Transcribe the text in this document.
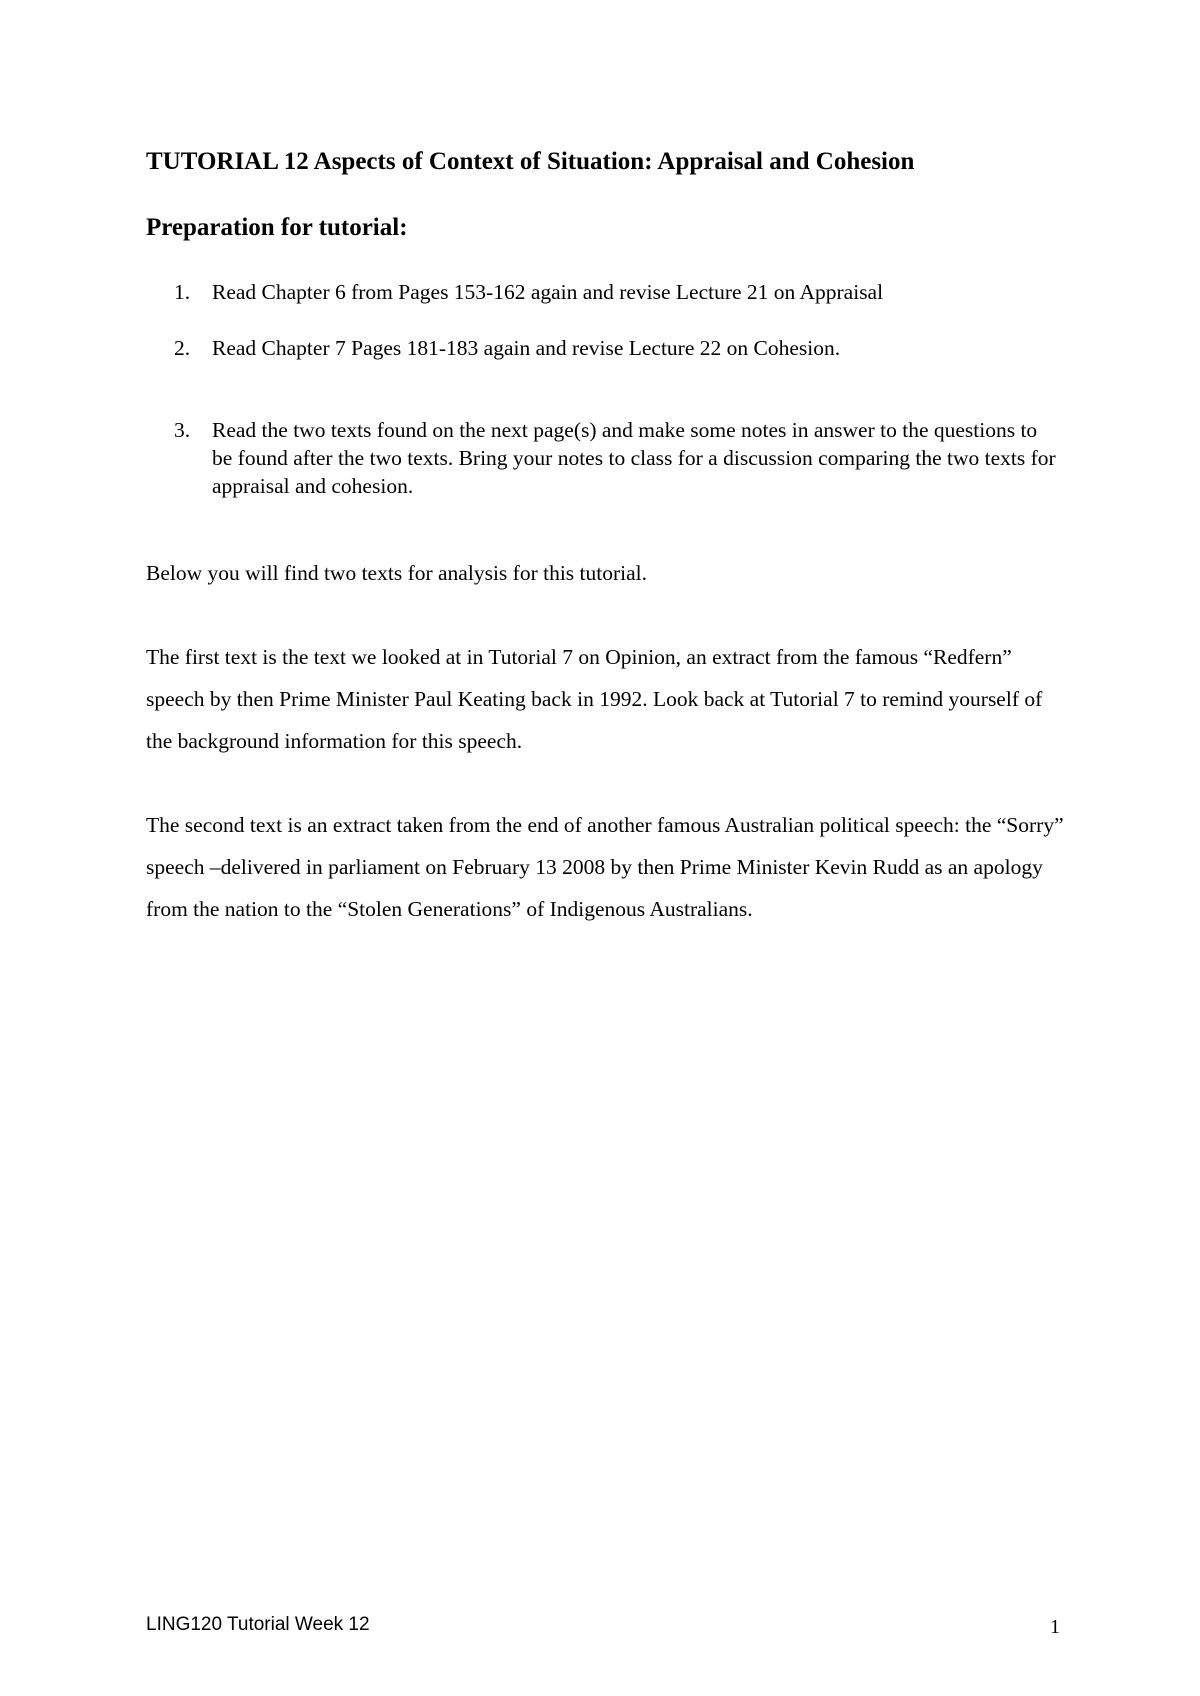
TUTORIAL 12 Aspects of Context of Situation: Appraisal and Cohesion
Preparation for tutorial:
1. Read Chapter 6 from Pages 153-162 again and revise Lecture 21 on Appraisal
2. Read Chapter 7 Pages 181-183 again and revise Lecture 22 on Cohesion.
3. Read the two texts found on the next page(s) and make some notes in answer to the questions to be found after the two texts. Bring your notes to class for a discussion comparing the two texts for appraisal and cohesion.

Below you will find two texts for analysis for this tutorial.

The first text is the text we looked at in Tutorial 7 on Opinion, an extract from the famous “Redfern” speech by then Prime Minister Paul Keating back in 1992. Look back at Tutorial 7 to remind yourself of the background information for this speech.

The second text is an extract taken from the end of another famous Australian political speech: the “Sorry” speech –delivered in parliament on February 13 2008 by then Prime Minister Kevin Rudd as an apology from the nation to the “Stolen Generations” of Indigenous Australians.

LING120 Tutorial Week 12	1
